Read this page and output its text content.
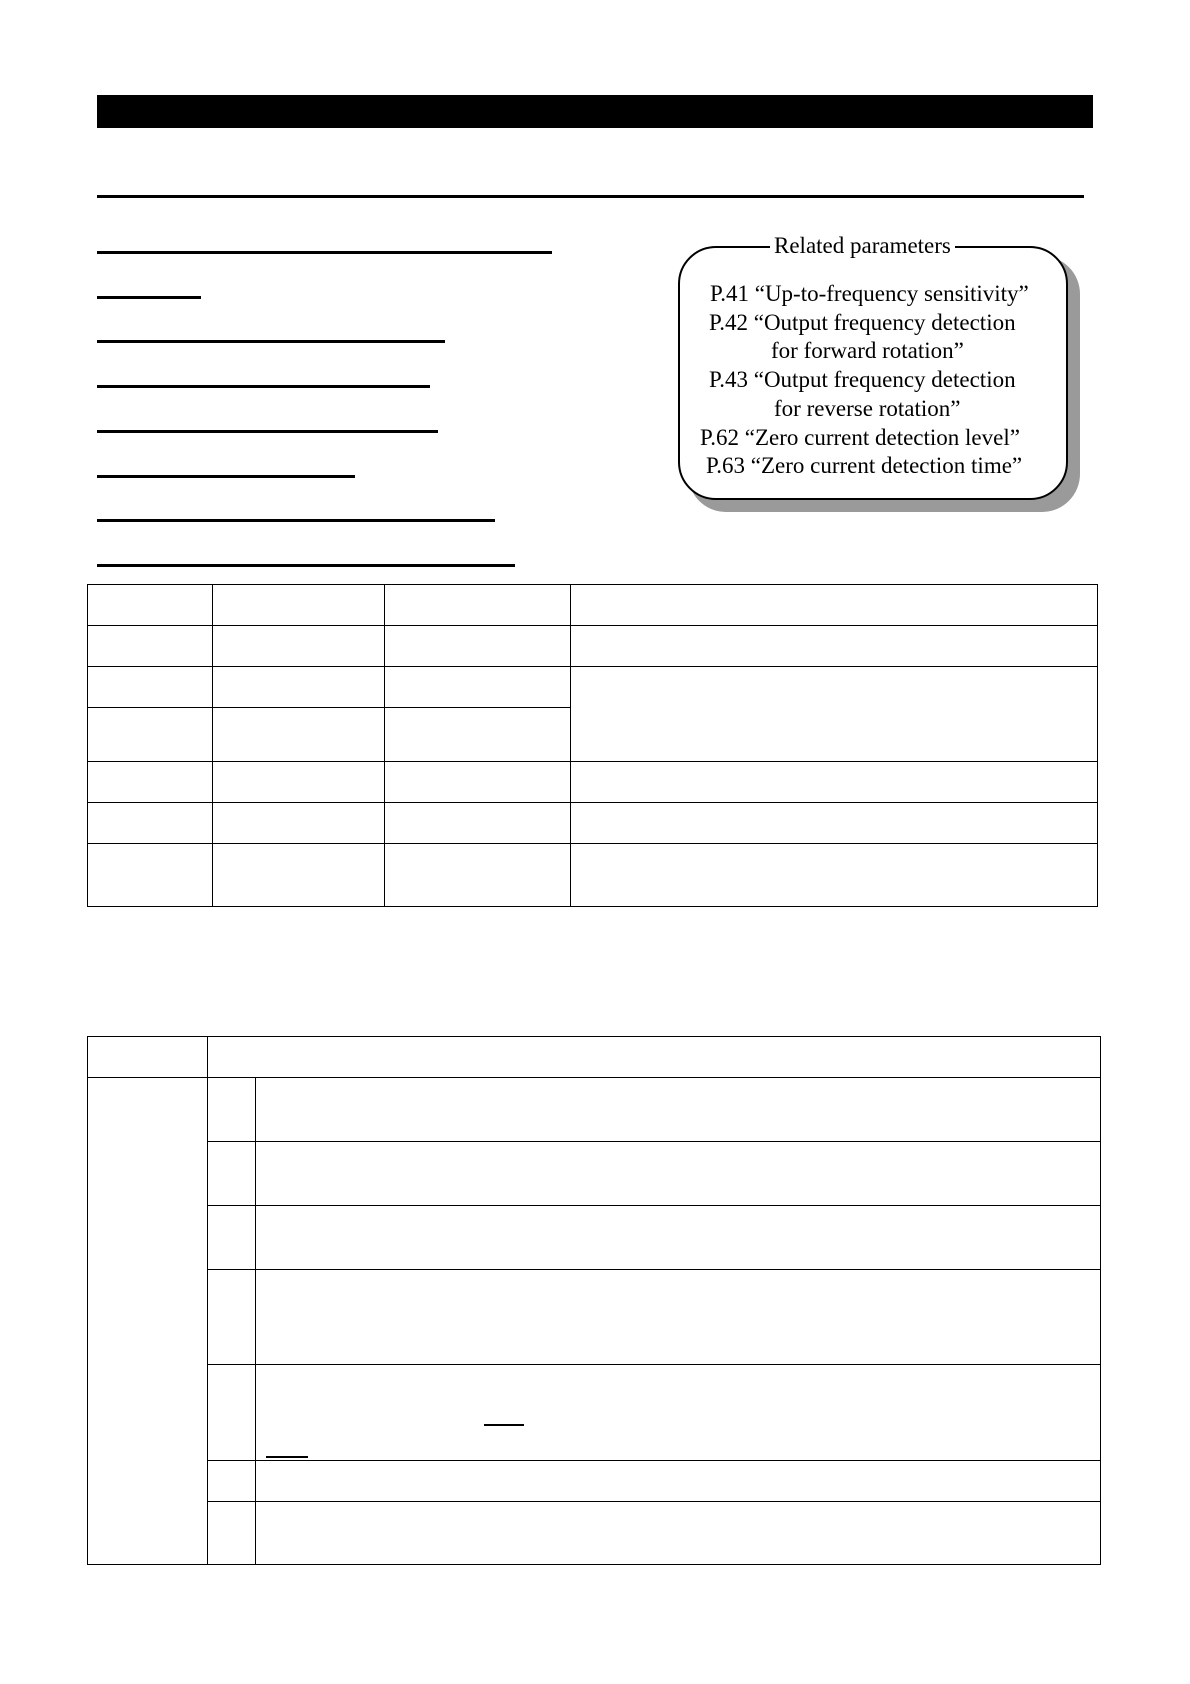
Related parameters
P.41 “Up-to-frequency sensitivity”
P.42 “Output frequency detection
for forward rotation”
P.43 “Output frequency detection
for reverse rotation”
P.62 “Zero current detection level”
P.63 “Zero current detection time”
